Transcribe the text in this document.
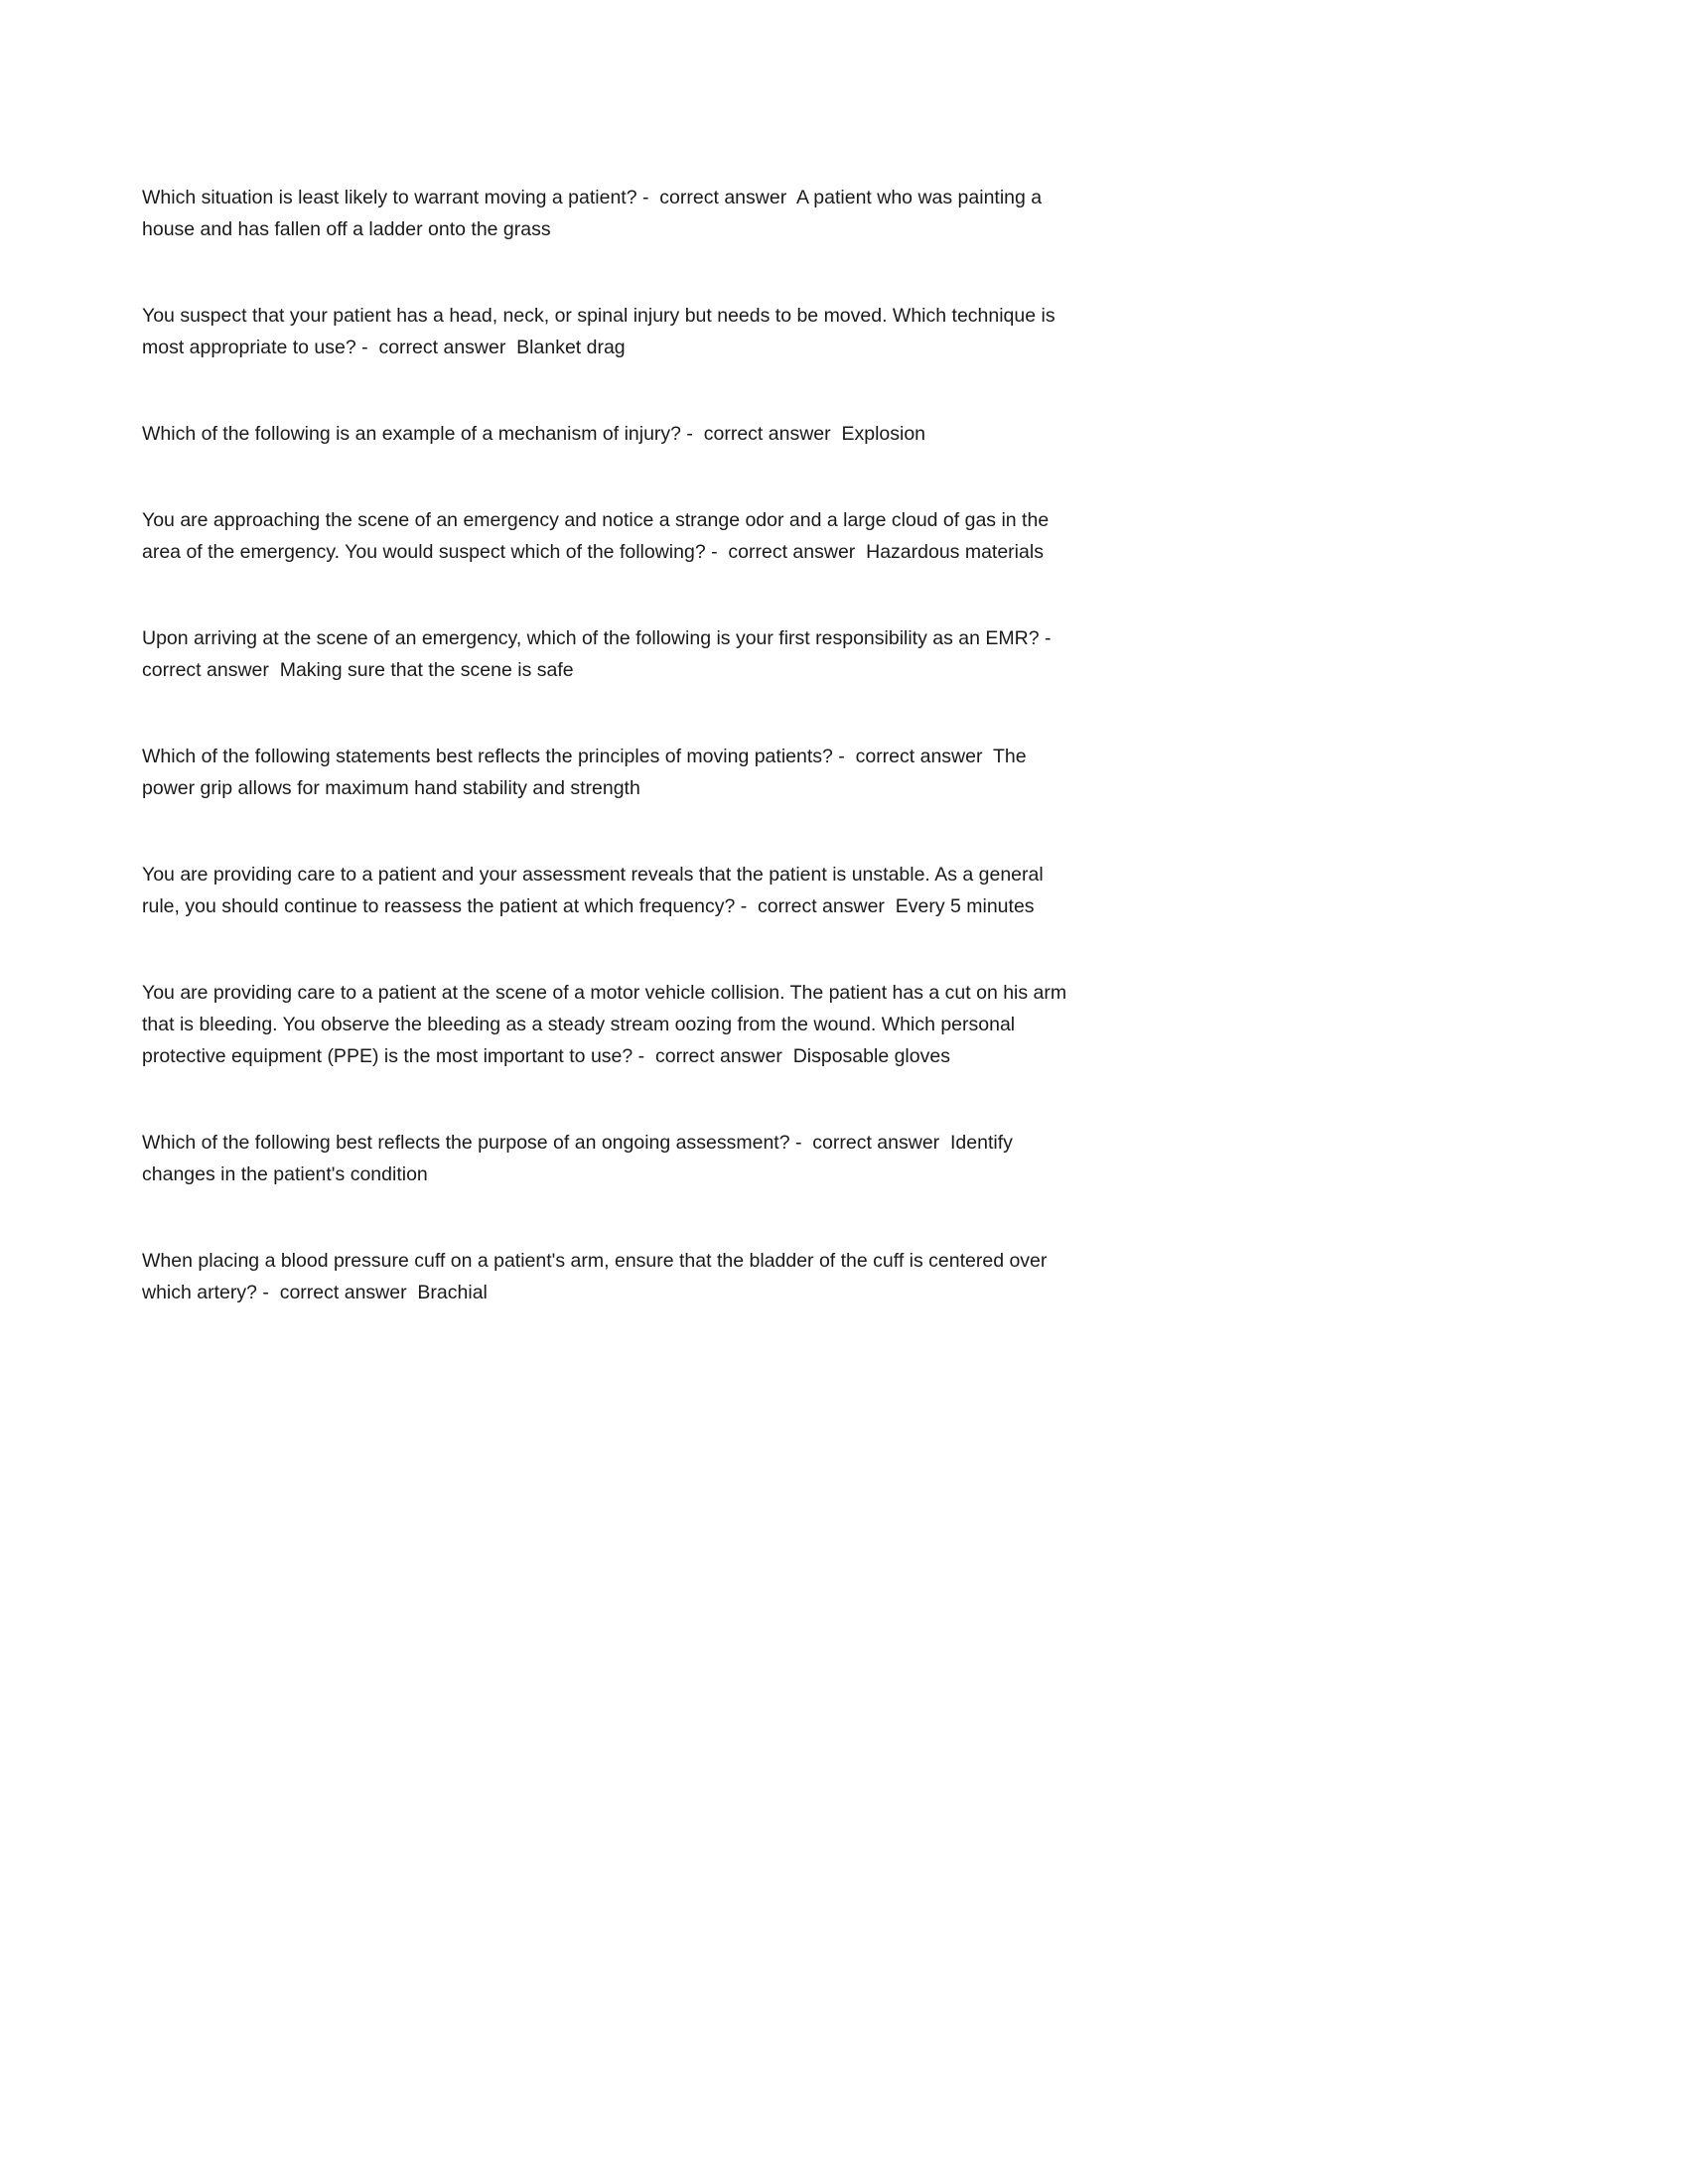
Which situation is least likely to warrant moving a patient? -  correct answer  A patient who was painting a house and has fallen off a ladder onto the grass

You suspect that your patient has a head, neck, or spinal injury but needs to be moved. Which technique is most appropriate to use? -  correct answer  Blanket drag

Which of the following is an example of a mechanism of injury? -  correct answer  Explosion

You are approaching the scene of an emergency and notice a strange odor and a large cloud of gas in the area of the emergency. You would suspect which of the following? -  correct answer  Hazardous materials

Upon arriving at the scene of an emergency, which of the following is your first responsibility as an EMR? -  correct answer  Making sure that the scene is safe

Which of the following statements best reflects the principles of moving patients? -  correct answer  The power grip allows for maximum hand stability and strength

You are providing care to a patient and your assessment reveals that the patient is unstable. As a general rule, you should continue to reassess the patient at which frequency? -  correct answer  Every 5 minutes

You are providing care to a patient at the scene of a motor vehicle collision. The patient has a cut on his arm that is bleeding. You observe the bleeding as a steady stream oozing from the wound. Which personal protective equipment (PPE) is the most important to use? -  correct answer  Disposable gloves

Which of the following best reflects the purpose of an ongoing assessment? -  correct answer  Identify changes in the patient's condition

When placing a blood pressure cuff on a patient's arm, ensure that the bladder of the cuff is centered over which artery? -  correct answer  Brachial
